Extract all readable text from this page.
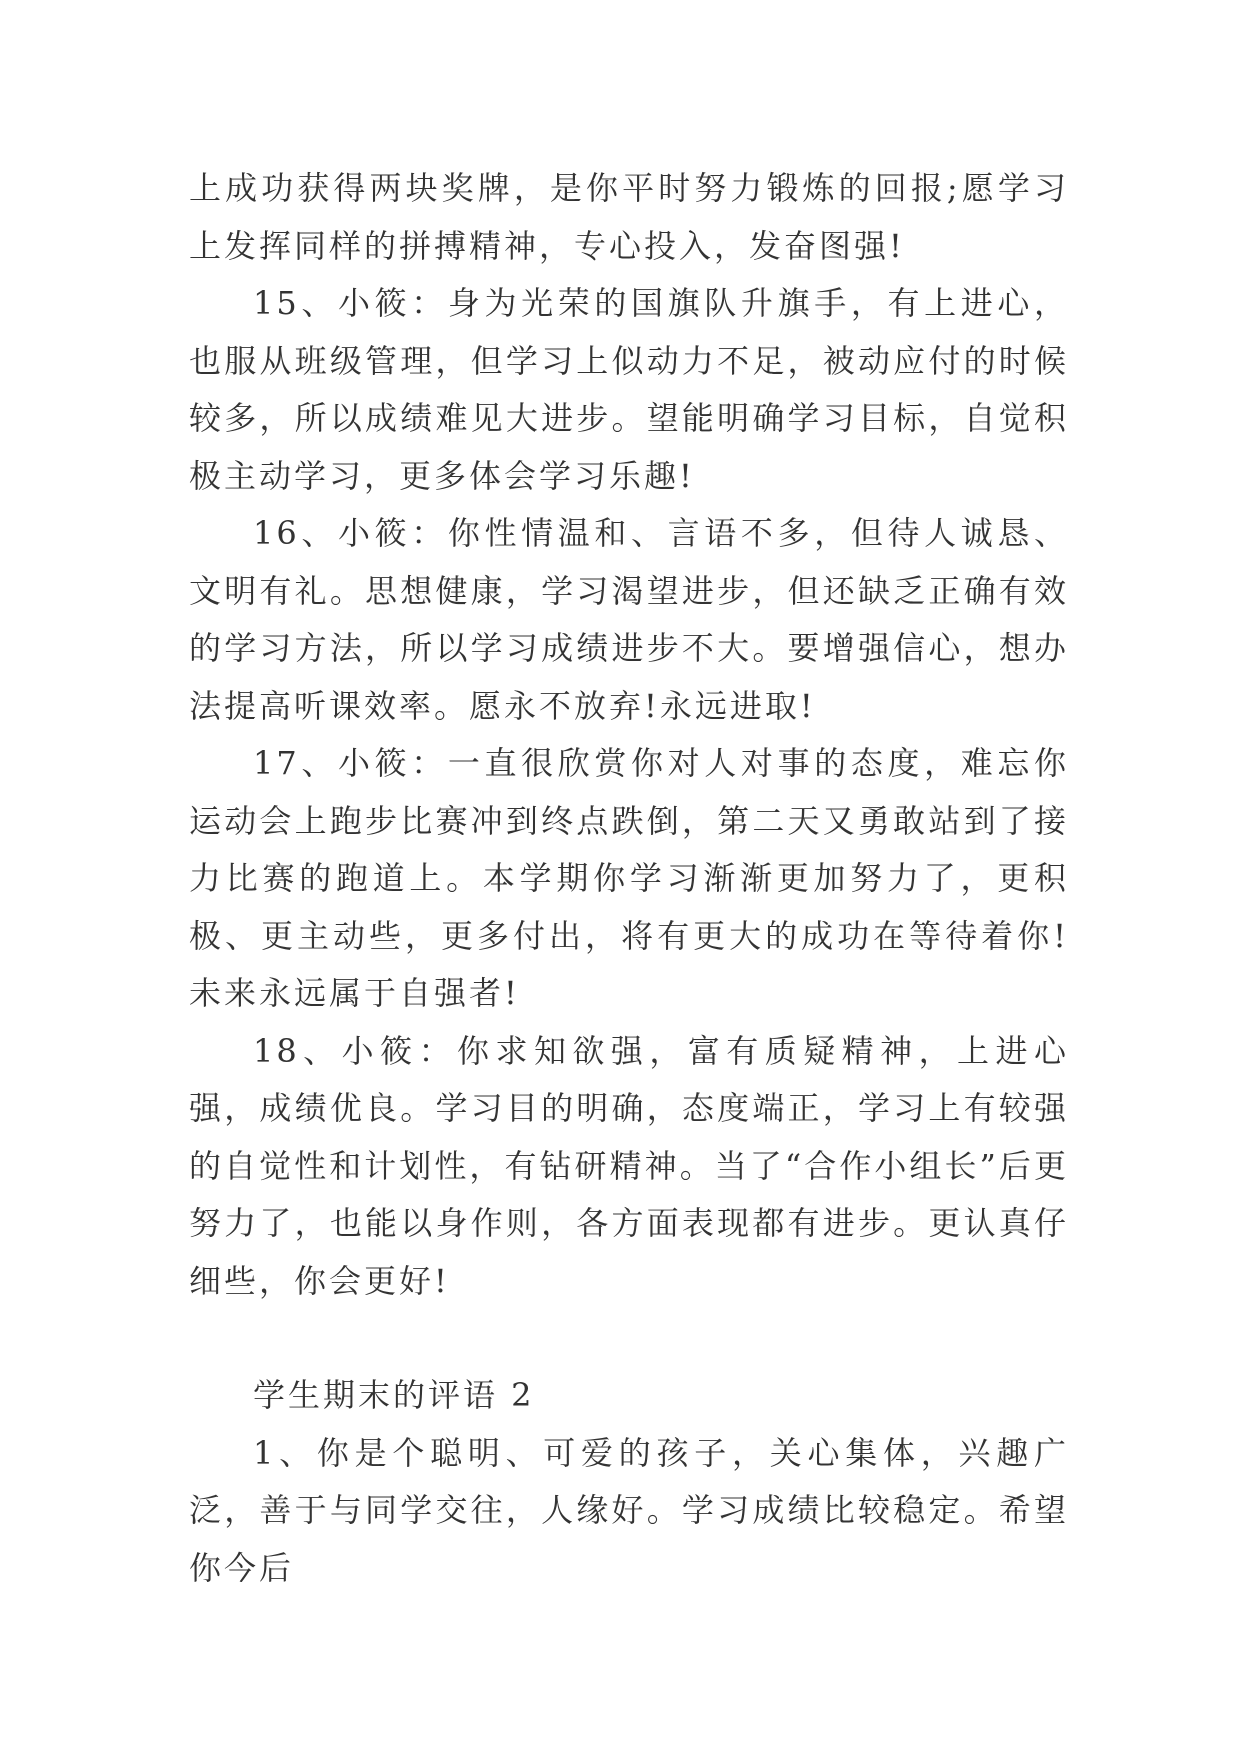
上成功获得两块奖牌，是你平时努力锻炼的回报;愿学习上发挥同样的拼搏精神，专心投入，发奋图强!

15、小筱：身为光荣的国旗队升旗手，有上进心，也服从班级管理，但学习上似动力不足，被动应付的时候较多，所以成绩难见大进步。望能明确学习目标，自觉积极主动学习，更多体会学习乐趣!

16、小筱：你性情温和、言语不多，但待人诚恳、文明有礼。思想健康，学习渴望进步，但还缺乏正确有效的学习方法，所以学习成绩进步不大。要增强信心，想办法提高听课效率。愿永不放弃!永远进取!

17、小筱：一直很欣赏你对人对事的态度，难忘你运动会上跑步比赛冲到终点跌倒，第二天又勇敢站到了接力比赛的跑道上。本学期你学习渐渐更加努力了，更积极、更主动些，更多付出，将有更大的成功在等待着你!未来永远属于自强者!

18、小筱：你求知欲强，富有质疑精神，上进心强，成绩优良。学习目的明确，态度端正，学习上有较强的自觉性和计划性，有钻研精神。当了“合作小组长”后更努力了，也能以身作则，各方面表现都有进步。更认真仔细些，你会更好!

学生期末的评语 2

1、你是个聪明、可爱的孩子，关心集体，兴趣广泛，善于与同学交往，人缘好。学习成绩比较稳定。希望你今后
